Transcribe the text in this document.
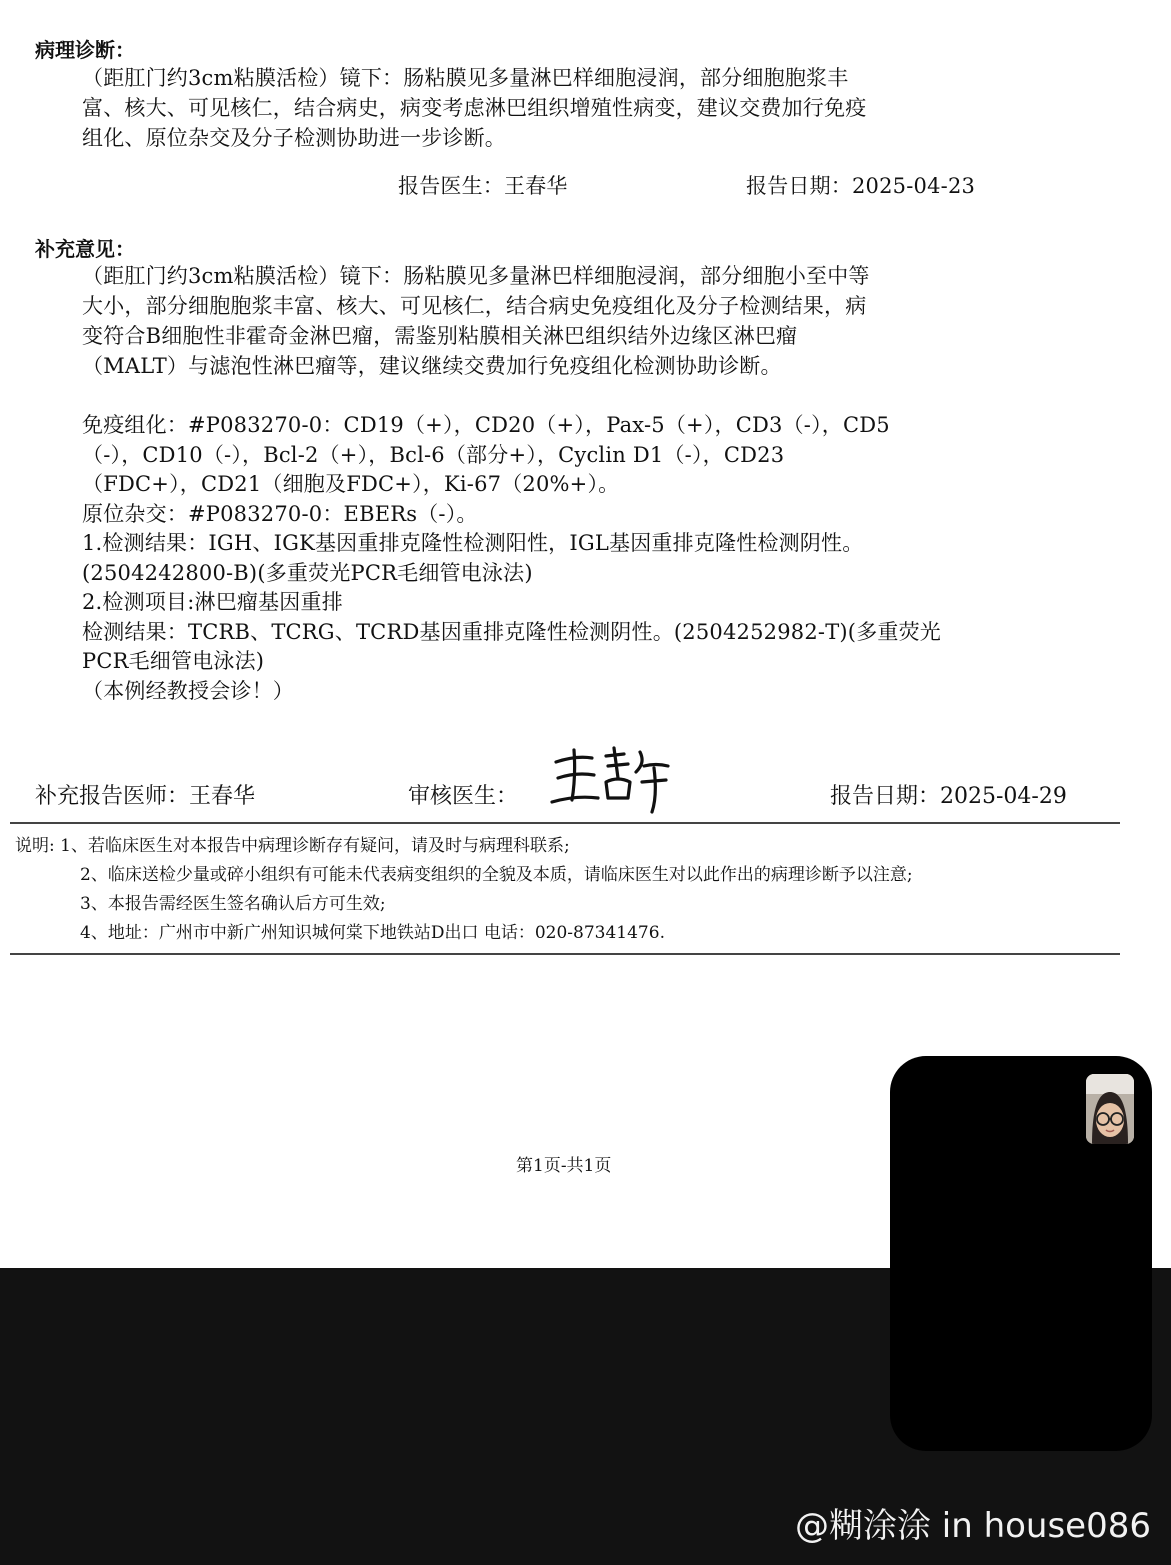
病理诊断：
（距肛门约3cm粘膜活检）镜下：肠粘膜见多量淋巴样细胞浸润，部分细胞胞浆丰
富、核大、可见核仁，结合病史，病变考虑淋巴组织增殖性病变，建议交费加行免疫
组化、原位杂交及分子检测协助进一步诊断。
报告医生：王春华	报告日期：2025-04-23
补充意见：
（距肛门约3cm粘膜活检）镜下：肠粘膜见多量淋巴样细胞浸润，部分细胞小至中等
大小，部分细胞胞浆丰富、核大、可见核仁，结合病史免疫组化及分子检测结果，病
变符合B细胞性非霍奇金淋巴瘤，需鉴别粘膜相关淋巴组织结外边缘区淋巴瘤
（MALT）与滤泡性淋巴瘤等，建议继续交费加行免疫组化检测协助诊断。
免疫组化：#P083270-0：CD19（+），CD20（+），Pax-5（+），CD3（-），CD5
（-），CD10（-），Bcl-2（+），Bcl-6（部分+），Cyclin D1（-），CD23
（FDC+），CD21（细胞及FDC+），Ki-67（20%+）。
原位杂交：#P083270-0：EBERs（-）。
1.检测结果：IGH、IGK基因重排克隆性检测阳性，IGL基因重排克隆性检测阴性。
(2504242800-B)(多重荧光PCR毛细管电泳法)
2.检测项目:淋巴瘤基因重排
检测结果：TCRB、TCRG、TCRD基因重排克隆性检测阴性。(2504252982-T)(多重荧光
PCR毛细管电泳法)
（本例经教授会诊！）
补充报告医师：王春华	审核医生：	报告日期：2025-04-29
说明: 1、若临床医生对本报告中病理诊断存有疑问，请及时与病理科联系;
2、临床送检少量或碎小组织有可能未代表病变组织的全貌及本质，请临床医生对以此作出的病理诊断予以注意;
3、本报告需经医生签名确认后方可生效;
4、地址：广州市中新广州知识城何棠下地铁站D出口 电话：020-87341476.
第1页-共1页
@糊涂涂 in house086
